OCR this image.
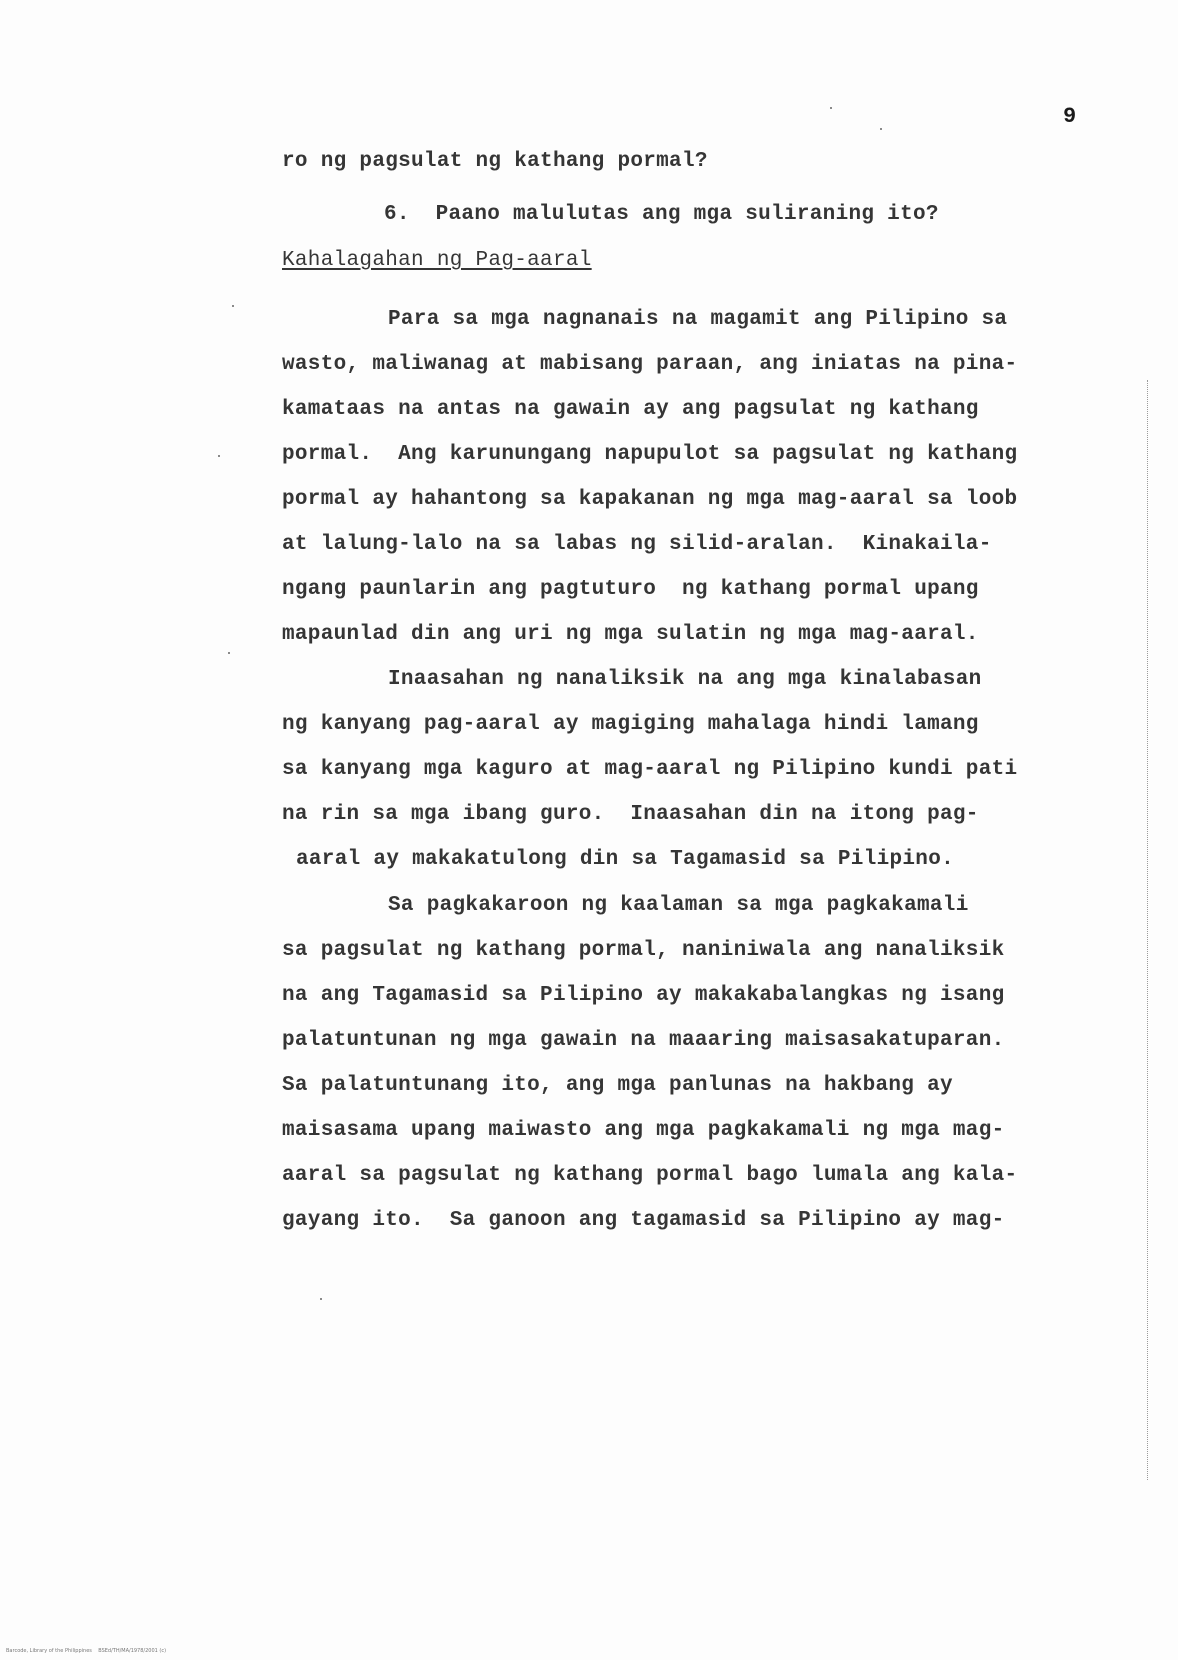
9
ro ng pagsulat ng kathang pormal?
6.  Paano malulutas ang mga suliraning ito?
Kahalagahan ng Pag-aaral
Para sa mga nagnanais na magamit ang Pilipino sa
wasto, maliwanag at mabisang paraan, ang iniatas na pina-
kamataas na antas na gawain ay ang pagsulat ng kathang
pormal.  Ang karunungang napupulot sa pagsulat ng kathang
pormal ay hahantong sa kapakanan ng mga mag-aaral sa loob
at lalung-lalo na sa labas ng silid-aralan.  Kinakaila-
ngang paunlarin ang pagtuturo  ng kathang pormal upang
mapaunlad din ang uri ng mga sulatin ng mga mag-aaral.
Inaasahan ng nanaliksik na ang mga kinalabasan
ng kanyang pag-aaral ay magiging mahalaga hindi lamang
sa kanyang mga kaguro at mag-aaral ng Pilipino kundi pati
na rin sa mga ibang guro.  Inaasahan din na itong pag-
aaral ay makakatulong din sa Tagamasid sa Pilipino.
Sa pagkakaroon ng kaalaman sa mga pagkakamali
sa pagsulat ng kathang pormal, naniniwala ang nanaliksik
na ang Tagamasid sa Pilipino ay makakabalangkas ng isang
palatuntunan ng mga gawain na maaaring maisasakatuparan.
Sa palatuntunang ito, ang mga panlunas na hakbang ay
maisasama upang maiwasto ang mga pagkakamali ng mga mag-
aaral sa pagsulat ng kathang pormal bago lumala ang kala-
gayang ito.  Sa ganoon ang tagamasid sa Pilipino ay mag-
Barcode, Library of the Philippines    BSEd/TH/MA/1978/2001 (c)
